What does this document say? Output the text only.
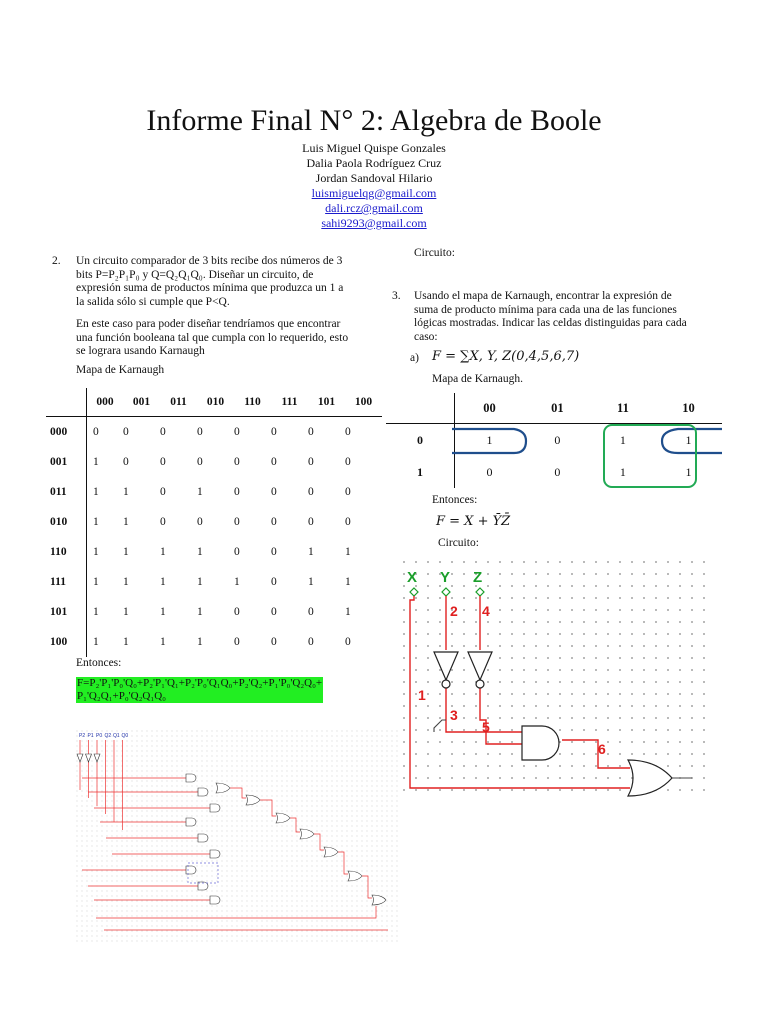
Informe Final N° 2: Algebra de Boole
Luis Miguel Quispe Gonzales
Dalia Paola Rodríguez Cruz
Jordan Sandoval Hilario
luismiguelqg@gmail.com
dali.rcz@gmail.com
sahi9293@gmail.com
2. Un circuito comparador de 3 bits recibe dos números de 3
bits P=P₂P₁P₀ y Q=Q₂Q₁Q₀. Diseñar un circuito, de
expresión suma de productos mínima que produzca un 1 a
la salida sólo si cumple que P<Q.
En este caso para poder diseñar tendríamos que encontrar
una función booleana tal que cumpla con lo requerido, esto
se lograra usando Karnaugh
Mapa de Karnaugh
	000	001	011	010	110	111	101	100
000	0	0	0	0	0	0	0	0
001	1	0	0	0	0	0	0	0
011	1	1	0	1	0	0	0	0
010	1	1	0	0	0	0	0	0
110	1	1	1	1	0	0	1	1
111	1	1	1	1	1	0	1	1
101	1	1	1	1	0	0	0	1
100	1	1	1	1	0	0	0	0
Entonces:
F=P₂'P₁'P₀'Q₀+P₂'P₁'Q₁+P₂'P₀'Q₁Q₀+P₂'Q₂+P₁'P₀'Q₂Q₀+
P₁'Q₂Q₁+P₀'Q₂Q₁Q₀
P2 P1 P0 Q2 Q1 Q0
Circuito:
3. Usando el mapa de Karnaugh, encontrar la expresión de
suma de producto mínima para cada una de las funciones
lógicas mostradas. Indicar las celdas distinguidas para cada
caso:
a) F = ∑X, Y, Z(0,4,5,6,7)
Mapa de Karnaugh.
	00	01	11	10
0	1	0	1	1
1	0	0	1	1
Entonces:
F = X + ȲZ̄
Circuito:
X Y Z
2 4
1
3
5
6
